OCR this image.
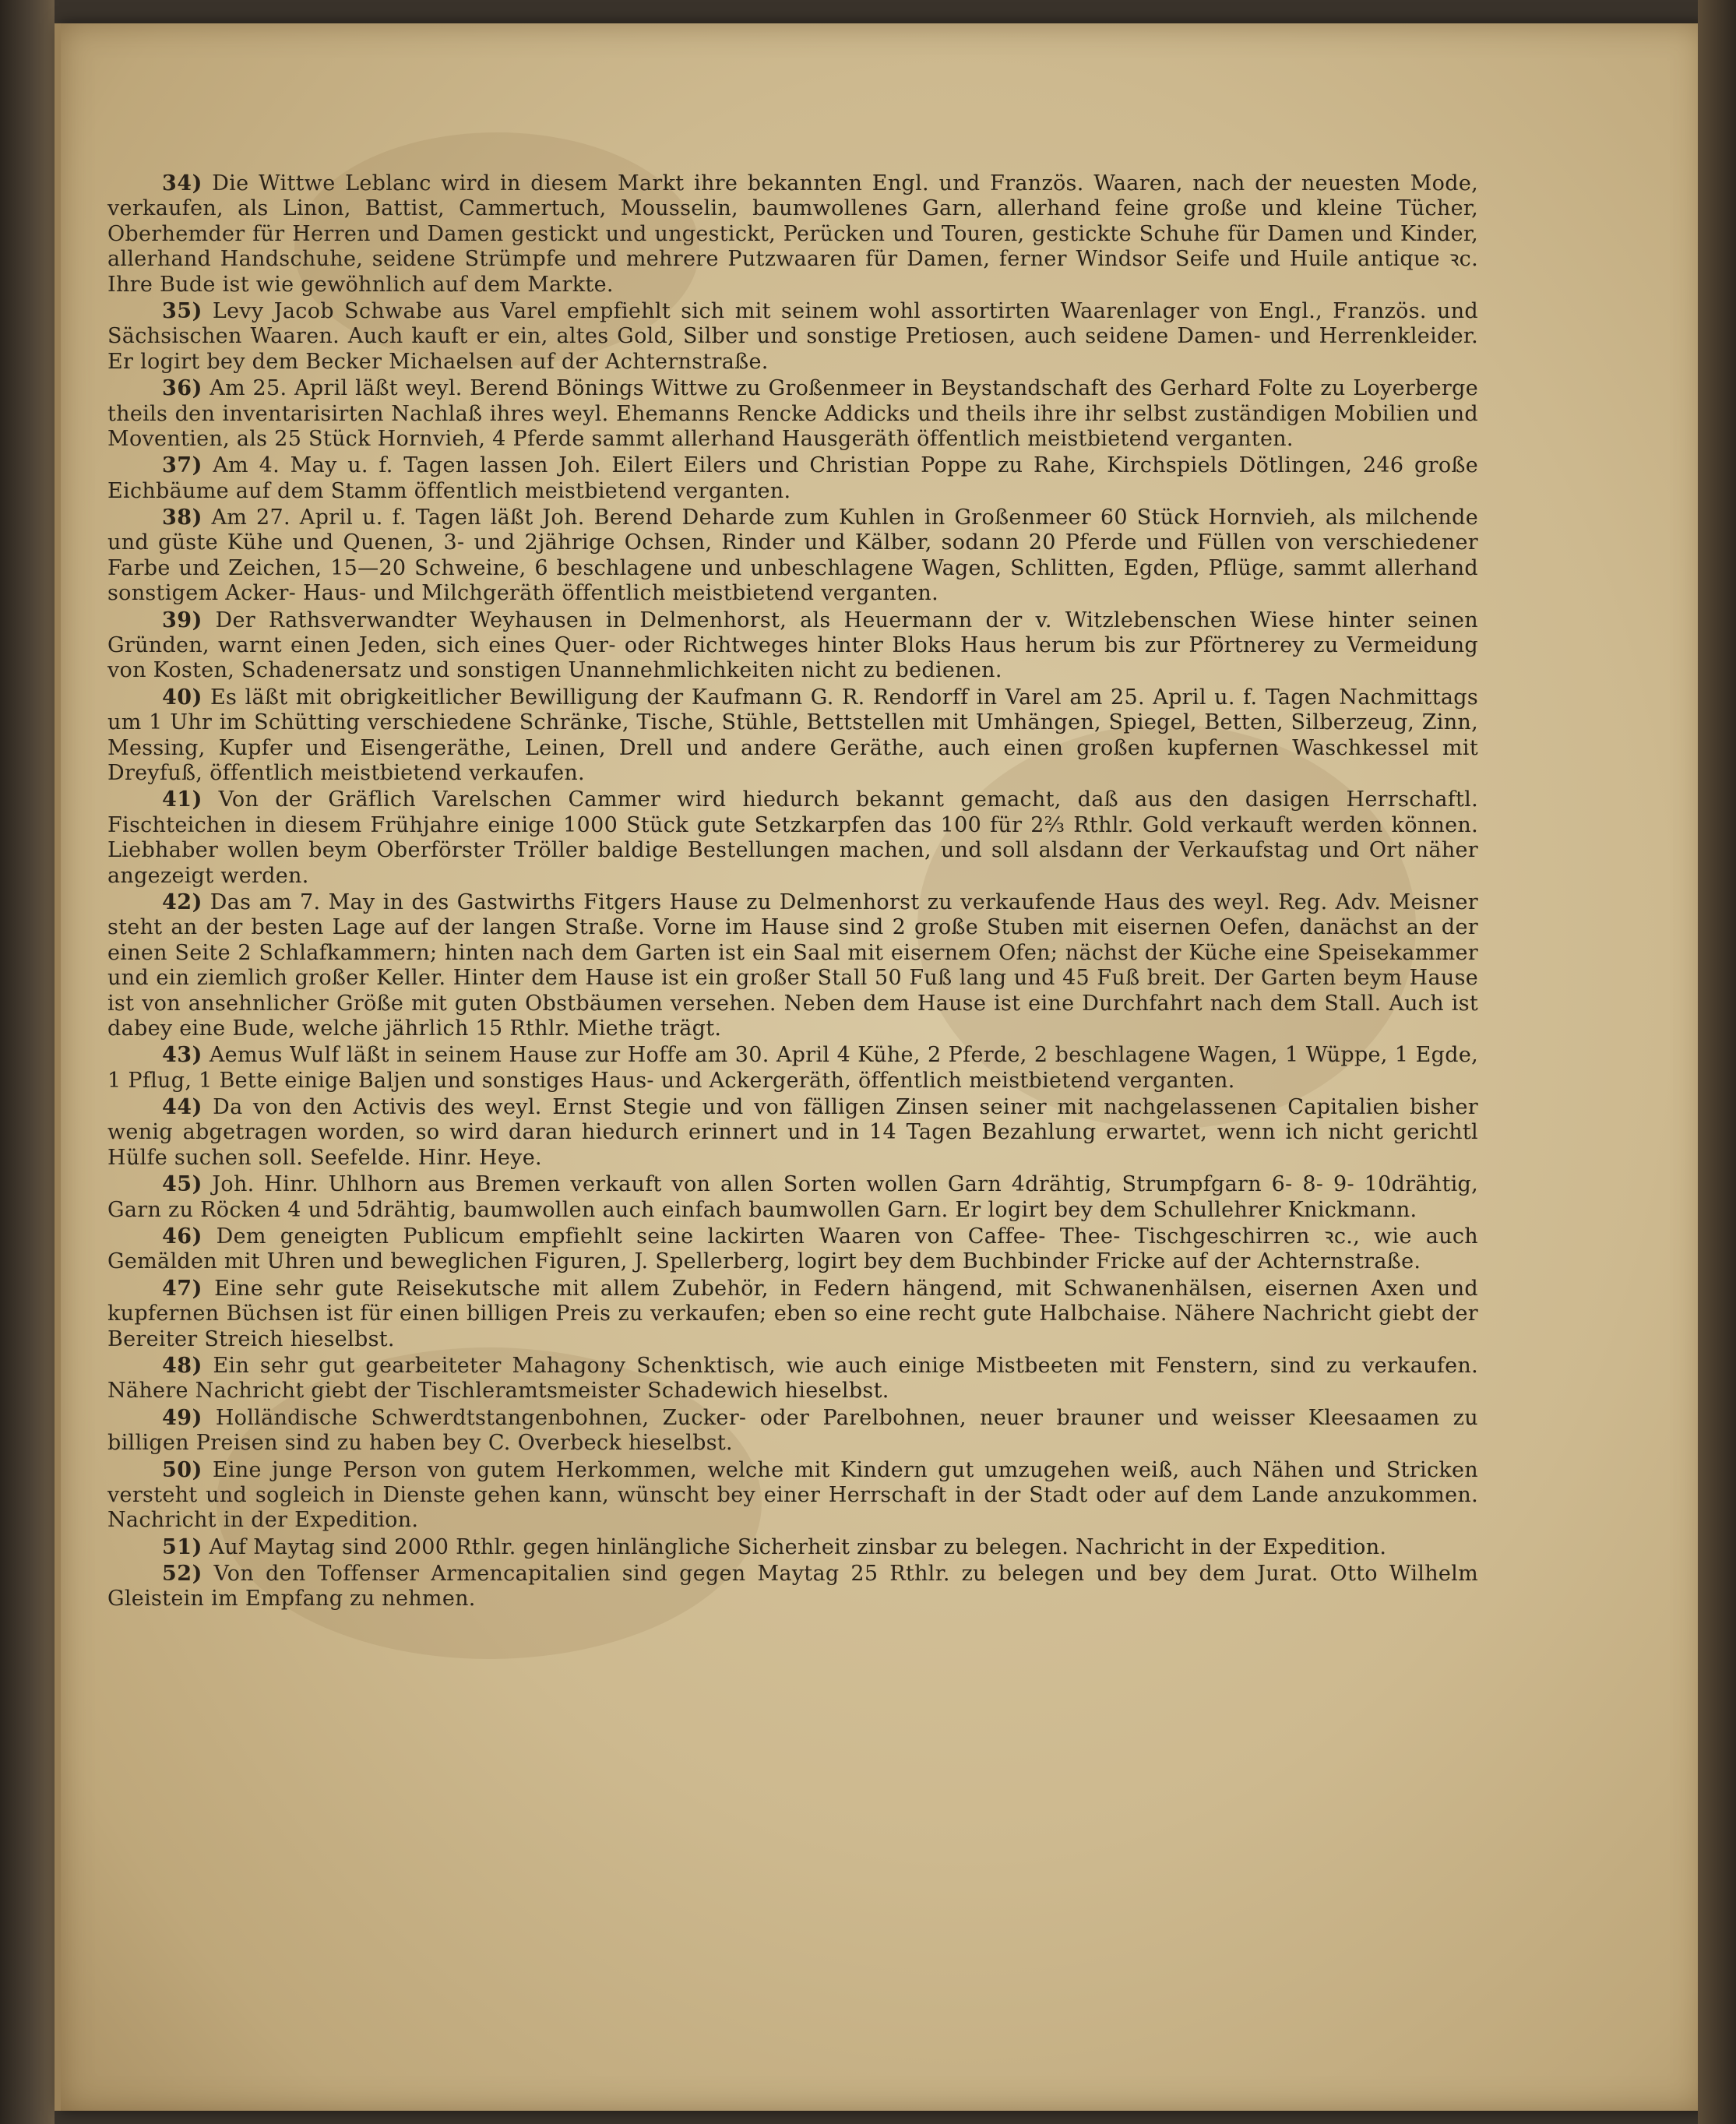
34) Die Wittwe Leblanc wird in diesem Markt ihre bekannten Engl. und Französ. Waaren, nach der neuesten Mode, verkaufen, als Linon, Battist, Cammertuch, Mousselin, baumwollenes Garn, allerhand feine große und kleine Tücher, Oberhemder für Herren und Damen gestickt und ungestickt, Perücken und Touren, gestickte Schuhe für Damen und Kinder, allerhand Handschuhe, seidene Strümpfe und mehrere Putzwaaren für Damen, ferner Windsor Seife und Huile antique ꝛc. Ihre Bude ist wie gewöhnlich auf dem Markte.

35) Levy Jacob Schwabe aus Varel empfiehlt sich mit seinem wohl assortirten Waarenlager von Engl., Französ. und Sächsischen Waaren. Auch kauft er ein, altes Gold, Silber und sonstige Pretiosen, auch seidene Damen- und Herrenkleider. Er logirt bey dem Becker Michaelsen auf der Achternstraße.

36) Am 25. April läßt weyl. Berend Bönings Wittwe zu Großenmeer in Beystandschaft des Gerhard Folte zu Loyerberge theils den inventarisirten Nachlaß ihres weyl. Ehemanns Rencke Addicks und theils ihre ihr selbst zuständigen Mobilien und Moventien, als 25 Stück Hornvieh, 4 Pferde sammt allerhand Hausgeräth öffentlich meistbietend verganten.

37) Am 4. May u. f. Tagen lassen Joh. Eilert Eilers und Christian Poppe zu Rahe, Kirchspiels Dötlingen, 246 große Eichbäume auf dem Stamm öffentlich meistbietend verganten.

38) Am 27. April u. f. Tagen läßt Joh. Berend Deharde zum Kuhlen in Großenmeer 60 Stück Hornvieh, als milchende und güste Kühe und Quenen, 3- und 2jährige Ochsen, Rinder und Kälber, sodann 20 Pferde und Füllen von verschiedener Farbe und Zeichen, 15—20 Schweine, 6 beschlagene und unbeschlagene Wagen, Schlitten, Egden, Pflüge, sammt allerhand sonstigem Acker- Haus- und Milchgeräth öffentlich meistbietend verganten.

39) Der Rathsverwandter Weyhausen in Delmenhorst, als Heuermann der v. Witzlebenschen Wiese hinter seinen Gründen, warnt einen Jeden, sich eines Quer- oder Richtweges hinter Bloks Haus herum bis zur Pförtnerey zu Vermeidung von Kosten, Schadenersatz und sonstigen Unannehmlichkeiten nicht zu bedienen.

40) Es läßt mit obrigkeitlicher Bewilligung der Kaufmann G. R. Rendorff in Varel am 25. April u. f. Tagen Nachmittags um 1 Uhr im Schütting verschiedene Schränke, Tische, Stühle, Bettstellen mit Umhängen, Spiegel, Betten, Silberzeug, Zinn, Messing, Kupfer und Eisengeräthe, Leinen, Drell und andere Geräthe, auch einen großen kupfernen Waschkessel mit Dreyfuß, öffentlich meistbietend verkaufen.

41) Von der Gräflich Varelschen Cammer wird hiedurch bekannt gemacht, daß aus den dasigen Herrschaftl. Fischteichen in diesem Frühjahre einige 1000 Stück gute Setzkarpfen das 100 für 2⅔ Rthlr. Gold verkauft werden können. Liebhaber wollen beym Oberförster Tröller baldige Bestellungen machen, und soll alsdann der Verkaufstag und Ort näher angezeigt werden.

42) Das am 7. May in des Gastwirths Fitgers Hause zu Delmenhorst zu verkaufende Haus des weyl. Reg. Adv. Meisner steht an der besten Lage auf der langen Straße. Vorne im Hause sind 2 große Stuben mit eisernen Oefen, danächst an der einen Seite 2 Schlafkammern; hinten nach dem Garten ist ein Saal mit eisernem Ofen; nächst der Küche eine Speisekammer und ein ziemlich großer Keller. Hinter dem Hause ist ein großer Stall 50 Fuß lang und 45 Fuß breit. Der Garten beym Hause ist von ansehnlicher Größe mit guten Obstbäumen versehen. Neben dem Hause ist eine Durchfahrt nach dem Stall. Auch ist dabey eine Bude, welche jährlich 15 Rthlr. Miethe trägt.

43) Aemus Wulf läßt in seinem Hause zur Hoffe am 30. April 4 Kühe, 2 Pferde, 2 beschlagene Wagen, 1 Wüppe, 1 Egde, 1 Pflug, 1 Bette einige Baljen und sonstiges Haus- und Ackergeräth, öffentlich meistbietend verganten.

44) Da von den Activis des weyl. Ernst Stegie und von fälligen Zinsen seiner mit nachgelassenen Capitalien bisher wenig abgetragen worden, so wird daran hiedurch erinnert und in 14 Tagen Bezahlung erwartet, wenn ich nicht gerichtl Hülfe suchen soll. Seefelde. Hinr. Heye.

45) Joh. Hinr. Uhlhorn aus Bremen verkauft von allen Sorten wollen Garn 4drähtig, Strumpfgarn 6- 8- 9- 10drähtig, Garn zu Röcken 4 und 5drähtig, baumwollen auch einfach baumwollen Garn. Er logirt bey dem Schullehrer Knickmann.

46) Dem geneigten Publicum empfiehlt seine lackirten Waaren von Caffee- Thee- Tischgeschirren ꝛc., wie auch Gemälden mit Uhren und beweglichen Figuren, J. Spellerberg, logirt bey dem Buchbinder Fricke auf der Achternstraße.

47) Eine sehr gute Reisekutsche mit allem Zubehör, in Federn hängend, mit Schwanenhälsen, eisernen Axen und kupfernen Büchsen ist für einen billigen Preis zu verkaufen; eben so eine recht gute Halbchaise. Nähere Nachricht giebt der Bereiter Streich hieselbst.

48) Ein sehr gut gearbeiteter Mahagony Schenktisch, wie auch einige Mistbeeten mit Fenstern, sind zu verkaufen. Nähere Nachricht giebt der Tischleramtsmeister Schadewich hieselbst.

49) Holländische Schwerdtstangenbohnen, Zucker- oder Parelbohnen, neuer brauner und weisser Kleesaamen zu billigen Preisen sind zu haben bey C. Overbeck hieselbst.

50) Eine junge Person von gutem Herkommen, welche mit Kindern gut umzugehen weiß, auch Nähen und Stricken versteht und sogleich in Dienste gehen kann, wünscht bey einer Herrschaft in der Stadt oder auf dem Lande anzukommen. Nachricht in der Expedition.

51) Auf Maytag sind 2000 Rthlr. gegen hinlängliche Sicherheit zinsbar zu belegen. Nachricht in der Expedition.

52) Von den Toffenser Armencapitalien sind gegen Maytag 25 Rthlr. zu belegen und bey dem Jurat. Otto Wilhelm Gleistein im Empfang zu nehmen.
